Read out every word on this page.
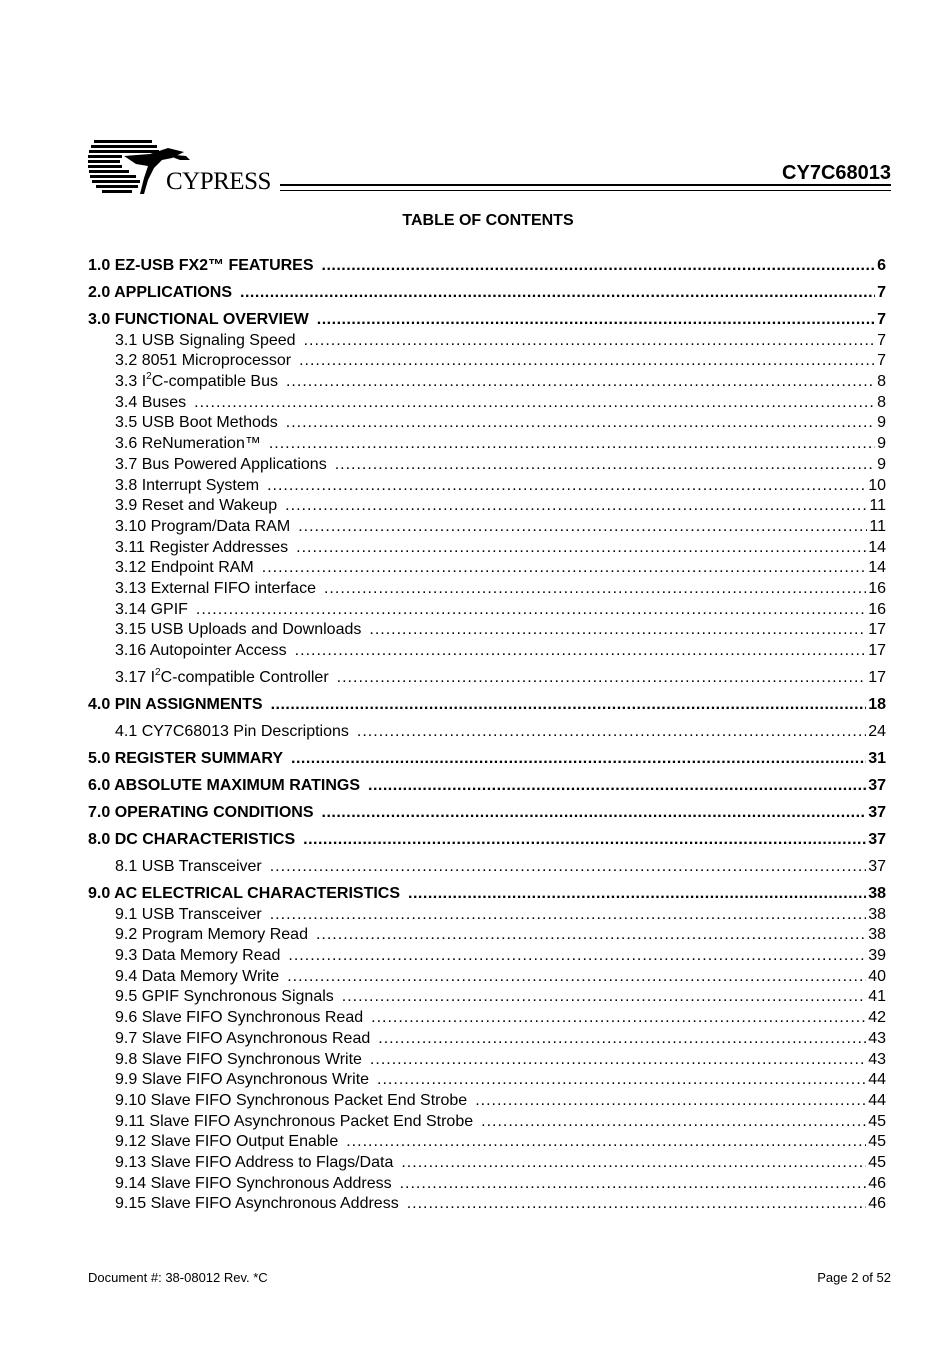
CYPRESS	CY7C68013
TABLE OF CONTENTS
1.0 EZ-USB FX2™ FEATURES .....	6
2.0 APPLICATIONS .....	7
3.0 FUNCTIONAL OVERVIEW .....	7
3.1 USB Signaling Speed .....	7
3.2 8051 Microprocessor .....	7
3.3 $I^2C$-compatible Bus .....	8
3.4 Buses .....	8
3.5 USB Boot Methods .....	9
3.6 ReNumeration™ .....	9
3.7 Bus Powered Applications .....	9
3.8 Interrupt System .....	10
3.9 Reset and Wakeup .....	11
3.10 Program/Data RAM .....	11
3.11 Register Addresses .....	14
3.12 Endpoint RAM .....	14
3.13 External FIFO interface .....	16
3.14 GPIF .....	16
3.15 USB Uploads and Downloads .....	17
3.16 Autopointer Access .....	17
3.17 $I^2C$-compatible Controller .....	17
4.0 PIN ASSIGNMENTS .....	18
4.1 CY7C68013 Pin Descriptions .....	24
5.0 REGISTER SUMMARY .....	31
6.0 ABSOLUTE MAXIMUM RATINGS .....	37
7.0 OPERATING CONDITIONS .....	37
8.0 DC CHARACTERISTICS .....	37
8.1 USB Transceiver .....	37
9.0 AC ELECTRICAL CHARACTERISTICS .....	38
9.1 USB Transceiver .....	38
9.2 Program Memory Read .....	38
9.3 Data Memory Read .....	39
9.4 Data Memory Write .....	40
9.5 GPIF Synchronous Signals .....	41
9.6 Slave FIFO Synchronous Read .....	42
9.7 Slave FIFO Asynchronous Read .....	43
9.8 Slave FIFO Synchronous Write .....	43
9.9 Slave FIFO Asynchronous Write .....	44
9.10 Slave FIFO Synchronous Packet End Strobe .....	44
9.11 Slave FIFO Asynchronous Packet End Strobe .....	45
9.12 Slave FIFO Output Enable .....	45
9.13 Slave FIFO Address to Flags/Data .....	45
9.14 Slave FIFO Synchronous Address .....	46
9.15 Slave FIFO Asynchronous Address .....	46
Document #: 38-08012 Rev. *C	Page 2 of 52
